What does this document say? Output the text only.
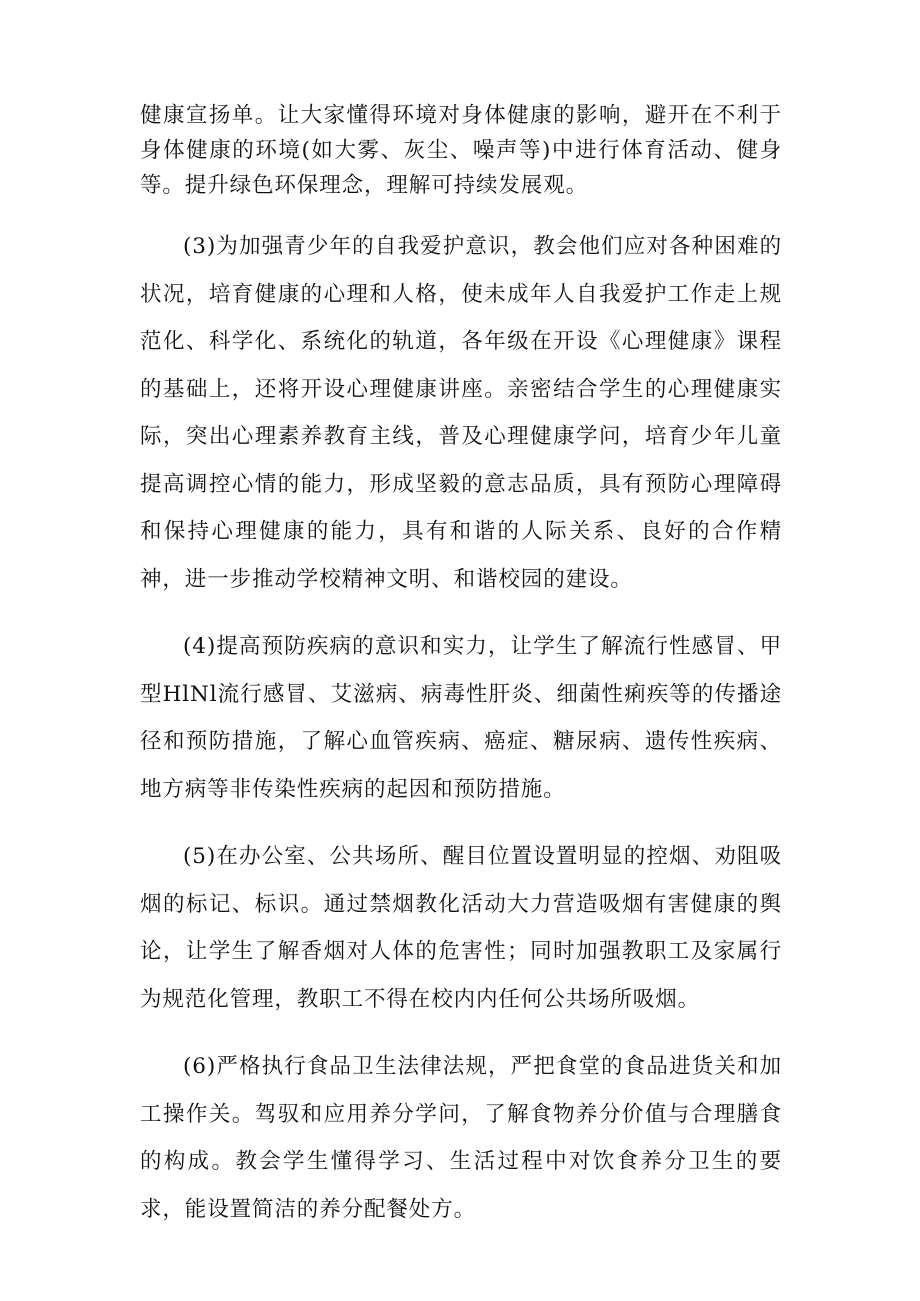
健康宣扬单。让大家懂得环境对身体健康的影响，避开在不利于身体健康的环境(如大雾、灰尘、噪声等)中进行体育活动、健身等。提升绿色环保理念，理解可持续发展观。

(3)为加强青少年的自我爱护意识，教会他们应对各种困难的状况，培育健康的心理和人格，使未成年人自我爱护工作走上规范化、科学化、系统化的轨道，各年级在开设《心理健康》课程的基础上，还将开设心理健康讲座。亲密结合学生的心理健康实际，突出心理素养教育主线，普及心理健康学问，培育少年儿童提高调控心情的能力，形成坚毅的意志品质，具有预防心理障碍和保持心理健康的能力，具有和谐的人际关系、良好的合作精神，进一步推动学校精神文明、和谐校园的建设。

(4)提高预防疾病的意识和实力，让学生了解流行性感冒、甲型HlNl流行感冒、艾滋病、病毒性肝炎、细菌性痢疾等的传播途径和预防措施，了解心血管疾病、癌症、糖尿病、遗传性疾病、地方病等非传染性疾病的起因和预防措施。

(5)在办公室、公共场所、醒目位置设置明显的控烟、劝阻吸烟的标记、标识。通过禁烟教化活动大力营造吸烟有害健康的舆论，让学生了解香烟对人体的危害性；同时加强教职工及家属行为规范化管理，教职工不得在校内内任何公共场所吸烟。

(6)严格执行食品卫生法律法规，严把食堂的食品进货关和加工操作关。驾驭和应用养分学问，了解食物养分价值与合理膳食的构成。教会学生懂得学习、生活过程中对饮食养分卫生的要求，能设置简洁的养分配餐处方。
